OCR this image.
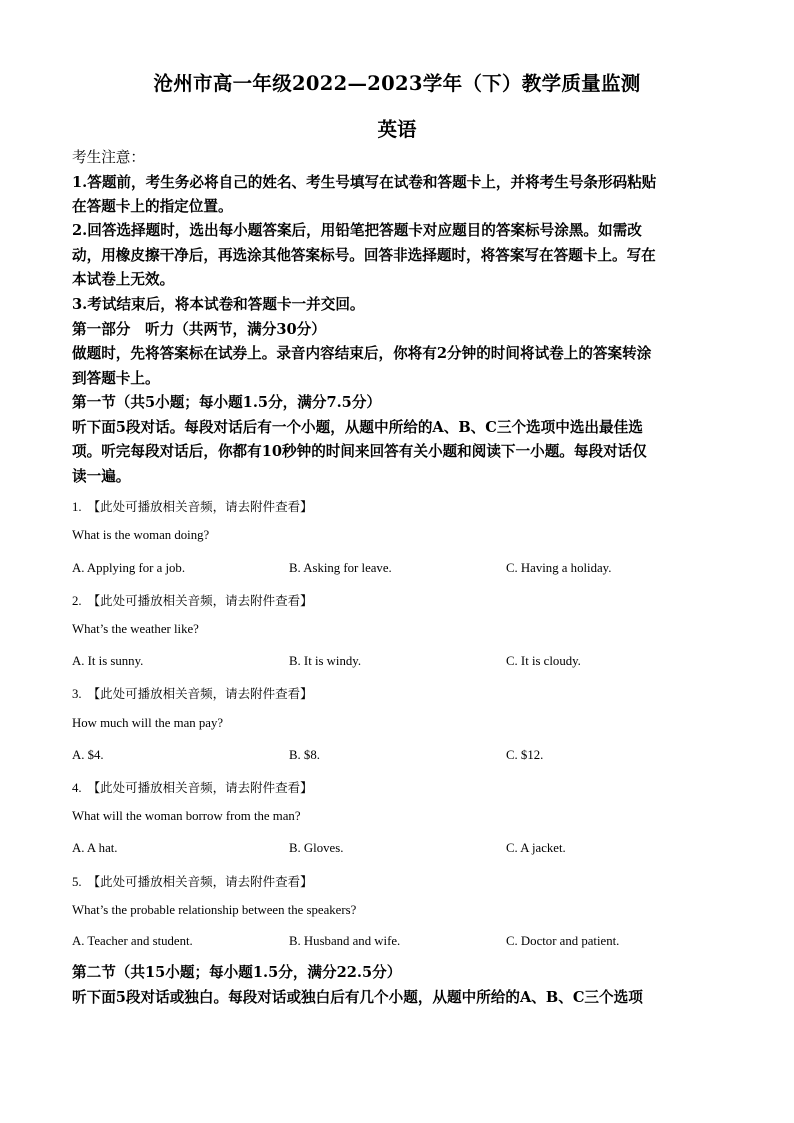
沧州市高一年级2022—2023学年（下）教学质量监测
英语
考生注意：
1.答题前，考生务必将自己的姓名、考生号填写在试卷和答题卡上，并将考生号条形码粘贴
在答题卡上的指定位置。
2.回答选择题时，选出每小题答案后，用铅笔把答题卡对应题目的答案标号涂黑。如需改
动，用橡皮擦干净后，再选涂其他答案标号。回答非选择题时，将答案写在答题卡上。写在
本试卷上无效。
3.考试结束后，将本试卷和答题卡一并交回。
第一部分　听力（共两节，满分30分）
做题时，先将答案标在试券上。录音内容结束后，你将有2分钟的时间将试卷上的答案转涂
到答题卡上。
第一节（共5小题；每小题1.5分，满分7.5分）
听下面5段对话。每段对话后有一个小题，从题中所给的A、B、C三个选项中选出最佳选
项。听完每段对话后，你都有10秒钟的时间来回答有关小题和阅读下一小题。每段对话仅
读一遍。
1. 【此处可播放相关音频，请去附件查看】
What is the woman doing?
A. Applying for a job.	B. Asking for leave.	C. Having a holiday.
2. 【此处可播放相关音频，请去附件查看】
What’s the weather like?
A. It is sunny.	B. It is windy.	C. It is cloudy.
3. 【此处可播放相关音频，请去附件查看】
How much will the man pay?
A. $4.	B. $8.	C. $12.
4. 【此处可播放相关音频，请去附件查看】
What will the woman borrow from the man?
A. A hat.	B. Gloves.	C. A jacket.
5. 【此处可播放相关音频，请去附件查看】
What’s the probable relationship between the speakers?
A. Teacher and student.	B. Husband and wife.	C. Doctor and patient.
第二节（共15小题；每小题1.5分，满分22.5分）
听下面5段对话或独白。每段对话或独白后有几个小题，从题中所给的A、B、C三个选项
